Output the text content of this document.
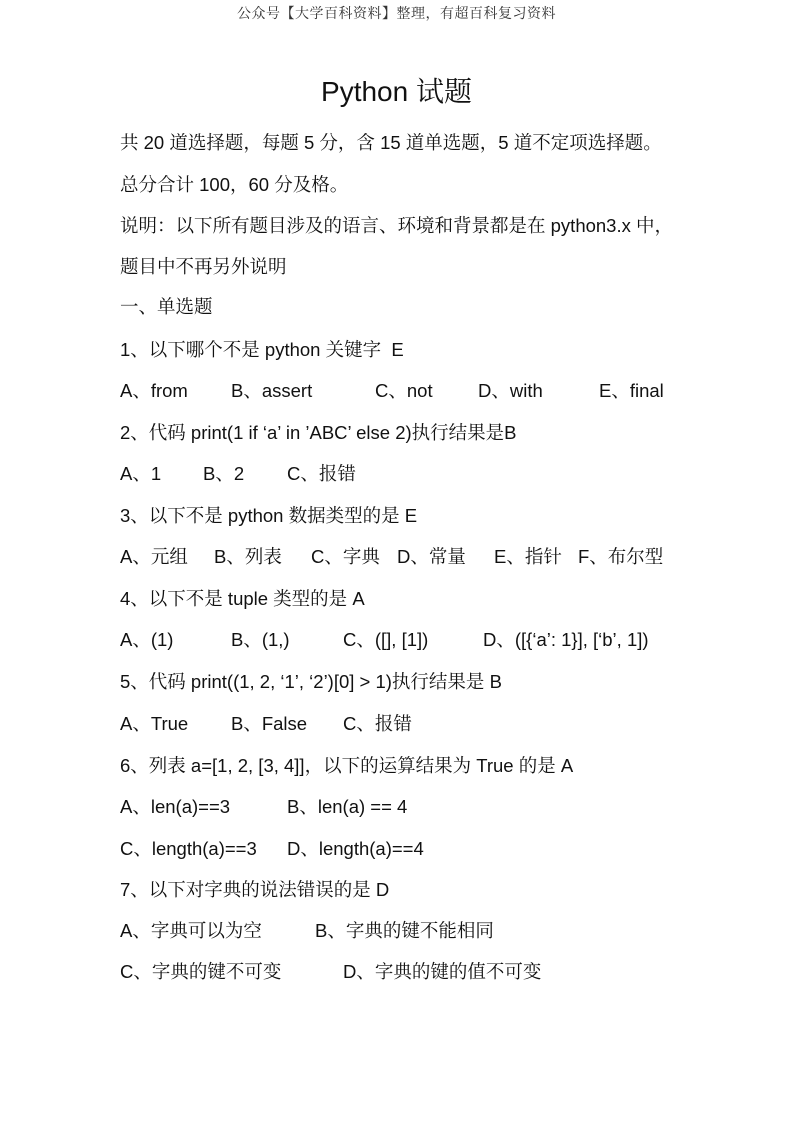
公众号【大学百科资料】整理，有超百科复习资料
Python 试题
共 20 道选择题，每题 5 分，含 15 道单选题，5 道不定项选择题。
总分合计 100，60 分及格。
说明：以下所有题目涉及的语言、环境和背景都是在 python3.x 中，
题目中不再另外说明
一、单选题
1、以下哪个不是 python 关键字  E
A、from B、assert	C、not D、with	E、final
2、代码 print(1 if ‘a’ in ’ABC’ else 2)执行结果是B
A、1 B、2 C、报错
3、以下不是 python 数据类型的是 E
A、元组 B、列表 C、字典 D、常量 E、指针 F、布尔型
4、以下不是 tuple 类型的是 A
A、(1)	B、(1,)	C、([], [1])	D、([{‘a’: 1}], [‘b’, 1])
5、代码 print((1, 2, ‘1’, ‘2’)[0] > 1)执行结果是 B
A、True B、False C、报错
6、列表 a=[1, 2, [3, 4]]，以下的运算结果为 True 的是 A
A、len(a)==3	B、len(a) == 4
C、length(a)==3 D、length(a)==4
7、以下对字典的说法错误的是 D
A、字典可以为空	B、字典的键不能相同
C、字典的键不可变	D、字典的键的值不可变
